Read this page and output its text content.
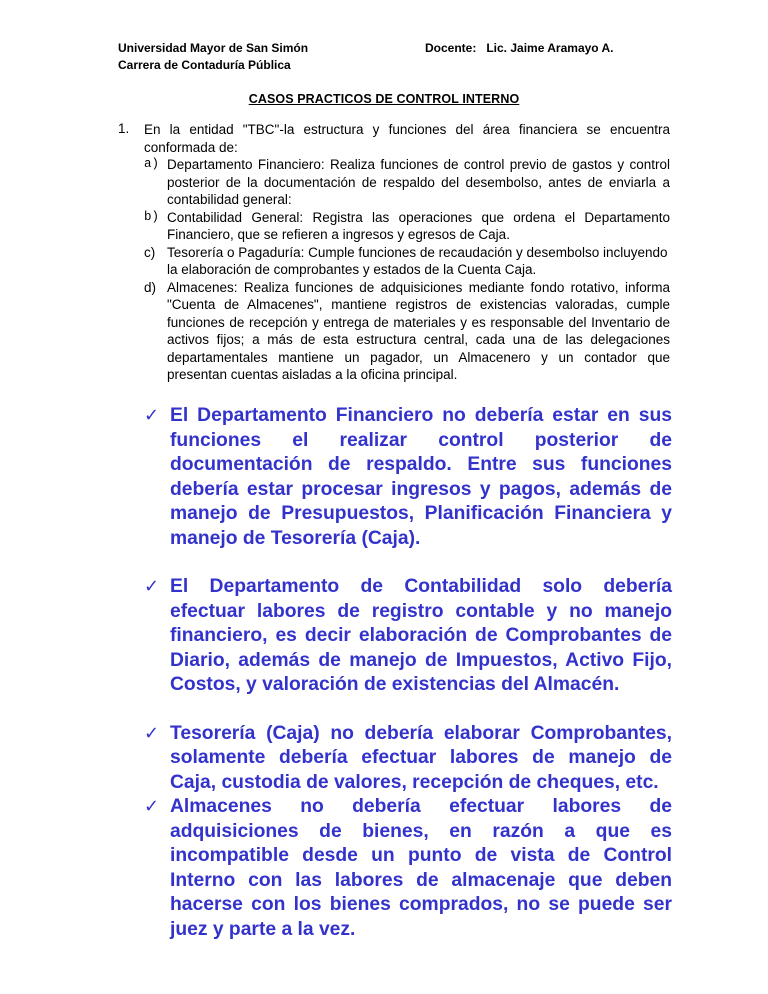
Universidad Mayor de San Simón
Carrera de Contaduría Pública
Docente: Lic. Jaime Aramayo A.
CASOS PRACTICOS DE CONTROL INTERNO
1. En la entidad "TBC"-la estructura y funciones del área financiera se encuentra conformada de:
a) Departamento Financiero: Realiza funciones de control previo de gastos y control posterior de la documentación de respaldo del desembolso, antes de enviarla a contabilidad general:
b) Contabilidad General: Registra las operaciones que ordena el Departamento Financiero, que se refieren a ingresos y egresos de Caja.
c) Tesorería o Pagaduría: Cumple funciones de recaudación y desembolso incluyendo la elaboración de comprobantes y estados de la Cuenta Caja.
d) Almacenes: Realiza funciones de adquisiciones mediante fondo rotativo, informa "Cuenta de Almacenes", mantiene registros de existencias valoradas, cumple funciones de recepción y entrega de materiales y es responsable del Inventario de activos fijos; a más de esta estructura central, cada una de las delegaciones departamentales mantiene un pagador, un Almacenero y un contador que presentan cuentas aisladas a la oficina principal.
✓ El Departamento Financiero no debería estar en sus funciones el realizar control posterior de documentación de respaldo. Entre sus funciones debería estar procesar ingresos y pagos, además de manejo de Presupuestos, Planificación Financiera y manejo de Tesorería (Caja).
✓ El Departamento de Contabilidad solo debería efectuar labores de registro contable y no manejo financiero, es decir elaboración de Comprobantes de Diario, además de manejo de Impuestos, Activo Fijo, Costos, y valoración de existencias del Almacén.
✓ Tesorería (Caja) no debería elaborar Comprobantes, solamente debería efectuar labores de manejo de Caja, custodia de valores, recepción de cheques, etc.
✓ Almacenes no debería efectuar labores de adquisiciones de bienes, en razón a que es incompatible desde un punto de vista de Control Interno con las labores de almacenaje que deben hacerse con los bienes comprados, no se puede ser juez y parte a la vez.
